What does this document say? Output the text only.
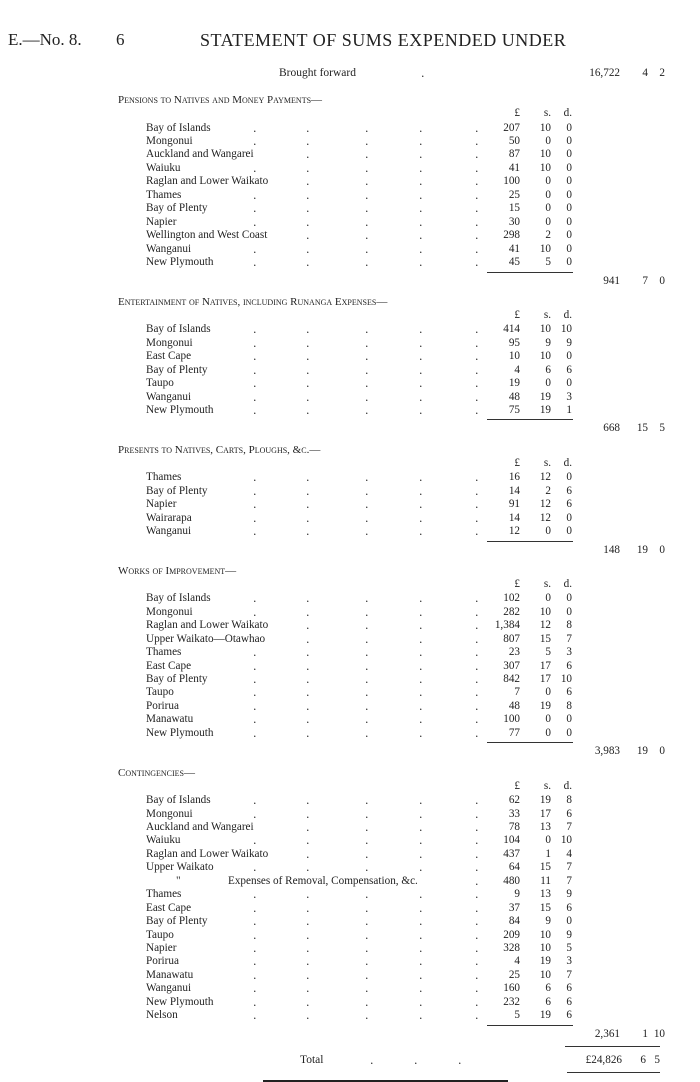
E.—No. 8. 6	STATEMENT OF SUMS EXPENDED UNDER
Brought forward	.	16,722 4 2
Pensions to Natives and Money Payments—
£ s. d.
Bay of Islands	.	.	.	.	. 207 10 0
Mongonui	.	.	.	.	.	50 0 0
Auckland and Wangarei	.	.	.	.	87 10 0
Waiuku	.	.	.	.	.	41 10 0
Raglan and Lower Waikato	.	.	.	. 100 0 0
Thames	.	.	.	.	.	25 0 0
Bay of Plenty	.	.	.	.	.	15 0 0
Napier	.	.	.	.	.	30 0 0
Wellington and West Coast	.	.	.	. 298 2 0
Wanganui	.	.	.	.	.	41 10 0
New Plymouth	.	.	.	.	.	45 5 0
941 7 0
Entertainment of Natives, including Runanga Expenses—
£ s. d.
Bay of Islands	.	.	.	.	. 414 10 10
Mongonui	.	.	.	.	.	95 9 9
East Cape	.	.	.	.	.	10 10 0
Bay of Plenty	.	.	.	.	.	4 6 6
Taupo	.	.	.	.	.	19 0 0
Wanganui	.	.	.	.	.	48 19 3
New Plymouth	.	.	.	.	.	75 19 1
668 15 5
Presents to Natives, Carts, Ploughs, &c.—
£ s. d.
Thames	.	.	.	.	.	16 12 0
Bay of Plenty	.	.	.	.	.	14 2 6
Napier	.	.	.	.	.	91 12 6
Wairarapa	.	.	.	.	.	14 12 0
Wanganui	.	.	.	.	.	12 0 0
148 19 0
Works of Improvement—
£ s. d.
Bay of Islands	.	.	.	.	. 102 0 0
Mongonui	.	.	.	.	. 282 10 0
Raglan and Lower Waikato	.	.	.	. 1,384 12 8
Upper Waikato—Otawhao	.	.	.	. 807 15 7
Thames	.	.	.	.	.	23 5 3
East Cape	.	.	.	.	. 307 17 6
Bay of Plenty	.	.	.	.	. 842 17 10
Taupo	.	.	.	.	.	7 0 6
Porirua	.	.	.	.	.	48 19 8
Manawatu	.	.	.	.	. 100 0 0
New Plymouth	.	.	.	.	.	77 0 0
3,983 19 0
Contingencies—
£ s. d.
Bay of Islands	.	.	.	.	.	62 19 8
Mongonui	.	.	.	.	.	33 17 6
Auckland and Wangarei	.	.	.	.	78 13 7
Waiuku	.	.	.	.	. 104 0 10
Raglan and Lower Waikato	.	.	.	. 437 1 4
Upper Waikato	.	.	.	.	.	64 15 7
"	Expenses of Removal, Compensation, &c.	. 480 11 7
Thames	.	.	.	.	.	9 13 9
East Cape	.	.	.	.	.	37 15 6
Bay of Plenty	.	.	.	.	.	84 9 0
Taupo	.	.	.	.	. 209 10 9
Napier	.	.	.	.	. 328 10 5
Porirua	.	.	.	.	.	4 19 3
Manawatu	.	.	.	.	.	25 10 7
Wanganui	.	.	.	.	. 160 6 6
New Plymouth	.	.	.	.	. 232 6 6
Nelson	.	.	.	.	.	5 19 6
2,361 1 10
Total	.	.	.	£24,826 6 5
